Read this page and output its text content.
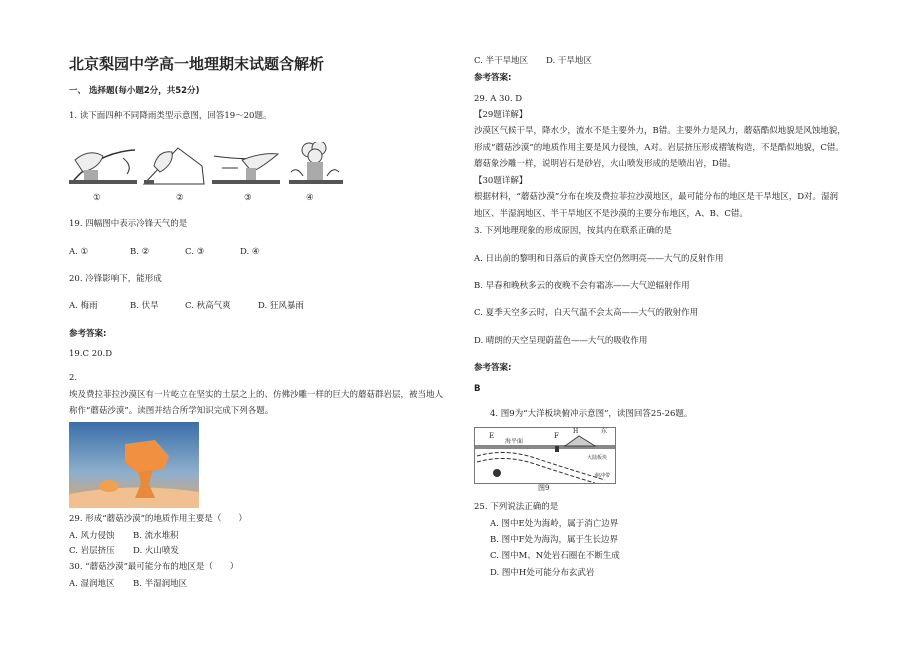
北京梨园中学高一地理期末试题含解析
一、 选择题(每小题2分，共52分)
1. 读下面四种不同降雨类型示意图，回答19～20题。
①	②	③	④
19. 四幅图中表示冷锋天气的是
A. ①	B. ②	C. ③	D. ④
20. 冷锋影响下，能形成
A. 梅雨	B. 伏旱	C. 秋高气爽	D. 狂风暴雨
参考答案:
19.C 20.D
2.
埃及费拉菲拉沙漠区有一片屹立在坚实的土层之上的、仿佛沙雕一样的巨大的蘑菇群岩层，被当地人
称作“蘑菇沙漠”。读图并结合所学知识完成下列各题。
29. 形成“蘑菇沙漠”的地质作用主要是（　　）
A. 风力侵蚀 B. 流水堆积
C. 岩层挤压 D. 火山喷发
30. “蘑菇沙漠”最可能分布的地区是（　　）
A. 湿润地区 B. 半湿润地区
C. 半干旱地区 D. 干旱地区
参考答案:
29. A 30. D
【29题详解】
沙漠区气候干旱，降水少，流水不是主要外力，B错。主要外力是风力，蘑菇酷似地貌是风蚀地貌，
形成“蘑菇沙漠”的地质作用主要是风力侵蚀，A对。岩层挤压形成褶皱构造，不是酷似地貌，C错。
蘑菇象沙雕一样，说明岩石是砂岩，火山喷发形成的是喷出岩，D错。
【30题详解】
根据材料，“蘑菇沙漠”分布在埃及费拉菲拉沙漠地区，最可能分布的地区是干旱地区，D对。湿润
地区、半湿润地区、半干旱地区不是沙漠的主要分布地区，A、B、C错。
3. 下列地理现象的形成原因，按其内在联系正确的是
A. 日出前的黎明和日落后的黄昏天空仍然明亮——大气的反射作用
B. 早春和晚秋多云的夜晚不会有霜冻——大气逆辐射作用
C. 夏季天空多云时，白天气温不会太高——大气的散射作用
D. 晴朗的天空呈现蔚蓝色——大气的吸收作用
参考答案:
B
4. 图9为“大洋板块俯冲示意图”，读图回答25-26题。
E
海平面
F
H	东
大陆板块
俯冲带
图9
25. 下列说法正确的是
A. 图中E处为海岭，属于消亡边界
B. 图中F处为海沟，属于生长边界
C. 图中M、N处岩石圈在不断生成
D. 图中H处可能分布玄武岩
